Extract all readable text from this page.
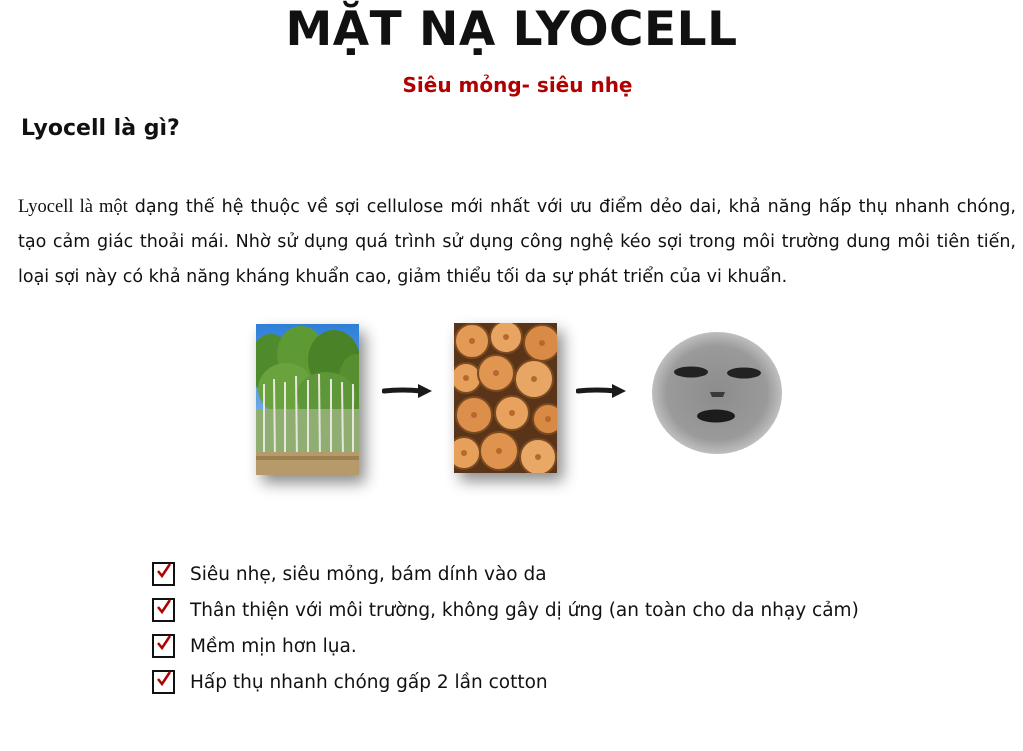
MẶT NẠ LYOCELL
Siêu mỏng- siêu nhẹ
Lyocell là gì?

Lyocell là một dạng thế hệ thuộc về sợi cellulose mới nhất với ưu điểm dẻo dai, khả năng hấp thụ nhanh chóng, tạo cảm giác thoải mái. Nhờ sử dụng quá trình sử dụng công nghệ kéo sợi trong môi trường dung môi tiên tiến, loại sợi này có khả năng kháng khuẩn cao, giảm thiểu tối da sự phát triển của vi khuẩn.

Siêu nhẹ, siêu mỏng, bám dính vào da
Thân thiện với môi trường, không gây dị ứng (an toàn cho da nhạy cảm)
Mềm mịn hơn lụa.
Hấp thụ nhanh chóng gấp 2 lần cotton
